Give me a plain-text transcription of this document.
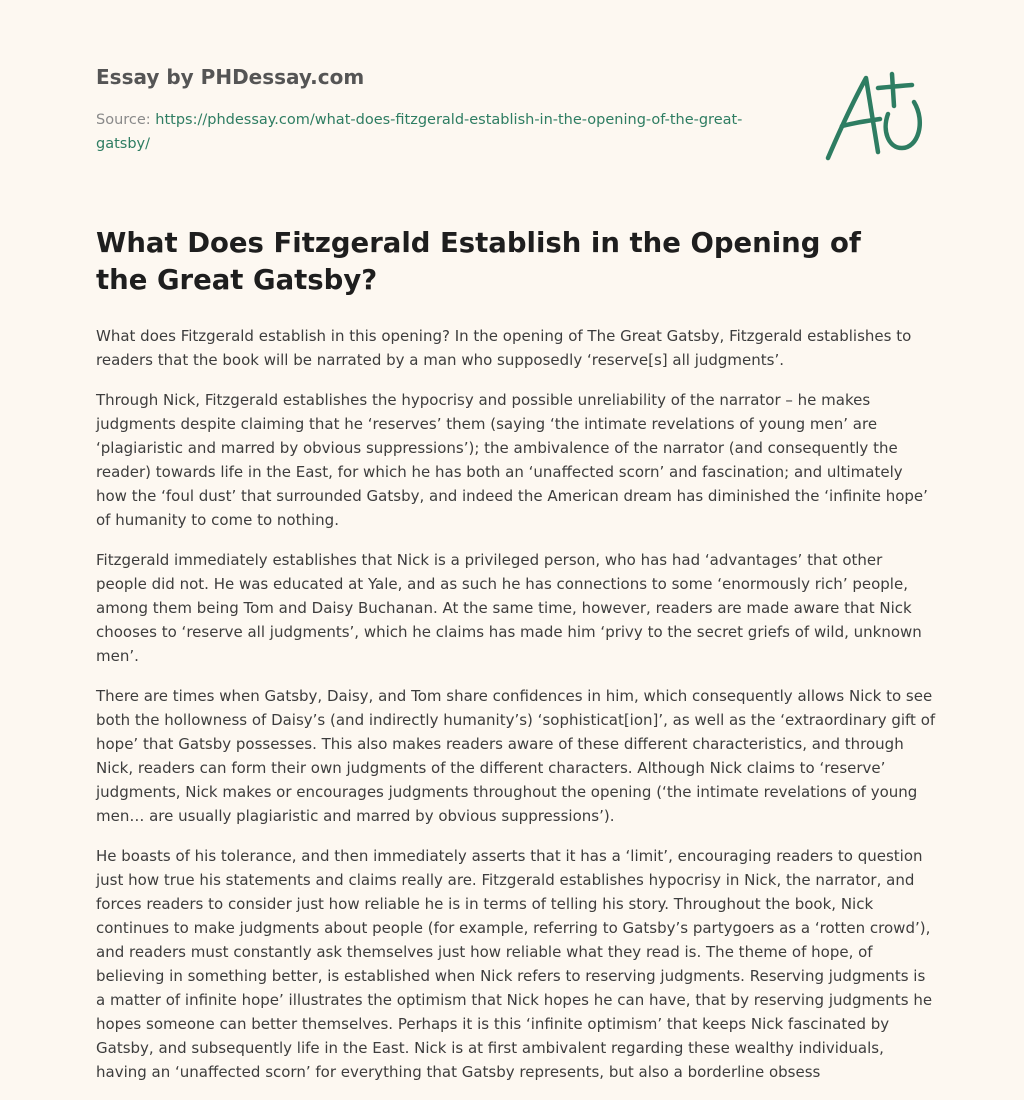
Essay by PHDessay.com
Source: https://phdessay.com/what-does-fitzgerald-establish-in-the-opening-of-the-great-gatsby/
What Does Fitzgerald Establish in the Opening of the Great Gatsby?

What does Fitzgerald establish in this opening? In the opening of The Great Gatsby, Fitzgerald establishes to readers that the book will be narrated by a man who supposedly ‘reserve[s] all judgments’.

Through Nick, Fitzgerald establishes the hypocrisy and possible unreliability of the narrator – he makes judgments despite claiming that he ‘reserves’ them (saying ‘the intimate revelations of young men’ are ‘plagiaristic and marred by obvious suppressions’); the ambivalence of the narrator (and consequently the reader) towards life in the East, for which he has both an ‘unaffected scorn’ and fascination; and ultimately how the ‘foul dust’ that surrounded Gatsby, and indeed the American dream has diminished the ‘infinite hope’ of humanity to come to nothing.

Fitzgerald immediately establishes that Nick is a privileged person, who has had ‘advantages’ that other people did not. He was educated at Yale, and as such he has connections to some ‘enormously rich’ people, among them being Tom and Daisy Buchanan. At the same time, however, readers are made aware that Nick chooses to ‘reserve all judgments’, which he claims has made him ‘privy to the secret griefs of wild, unknown men’.

There are times when Gatsby, Daisy, and Tom share confidences in him, which consequently allows Nick to see both the hollowness of Daisy’s (and indirectly humanity’s) ‘sophisticat[ion]’, as well as the ‘extraordinary gift of hope’ that Gatsby possesses. This also makes readers aware of these different characteristics, and through Nick, readers can form their own judgments of the different characters. Although Nick claims to ‘reserve’ judgments, Nick makes or encourages judgments throughout the opening (‘the intimate revelations of young men… are usually plagiaristic and marred by obvious suppressions’).

He boasts of his tolerance, and then immediately asserts that it has a ‘limit’, encouraging readers to question just how true his statements and claims really are. Fitzgerald establishes hypocrisy in Nick, the narrator, and forces readers to consider just how reliable he is in terms of telling his story. Throughout the book, Nick continues to make judgments about people (for example, referring to Gatsby’s partygoers as a ‘rotten crowd’), and readers must constantly ask themselves just how reliable what they read is. The theme of hope, of believing in something better, is established when Nick refers to reserving judgments. Reserving judgments is a matter of infinite hope’ illustrates the optimism that Nick hopes he can have, that by reserving judgments he hopes someone can better themselves. Perhaps it is this ‘infinite optimism’ that keeps Nick fascinated by Gatsby, and subsequently life in the East. Nick is at first ambivalent regarding these wealthy individuals, having an ‘unaffected scorn’ for everything that Gatsby represents, but also a borderline obsess
